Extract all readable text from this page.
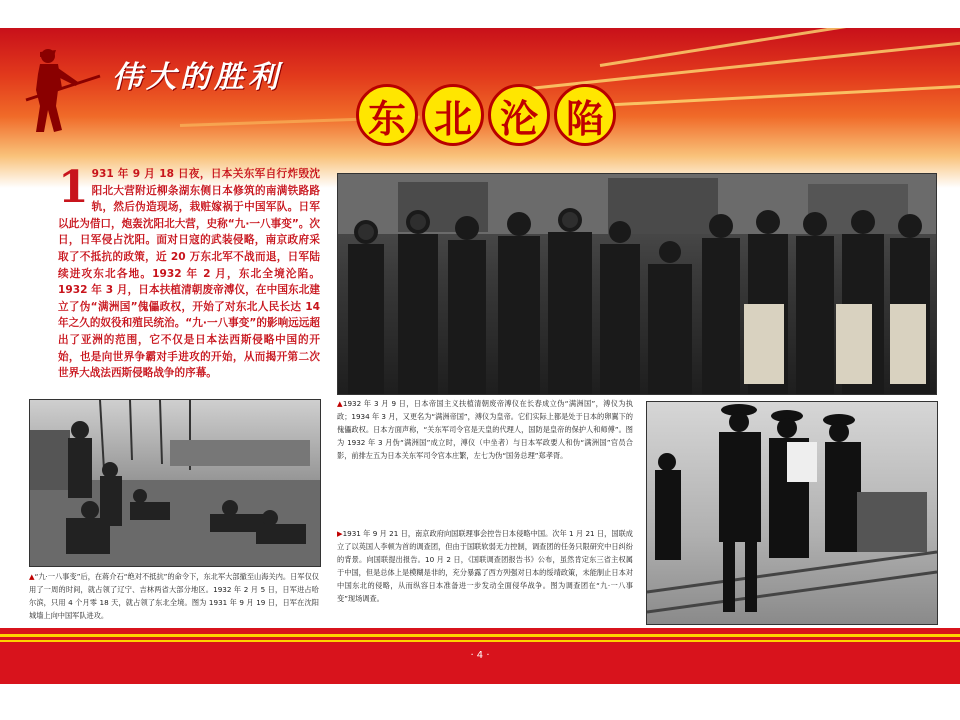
伟大的胜利
东 北 沦 陷
1 931 年 9 月 18 日夜，日本关东军自行炸毁沈阳北大营附近柳条湖东侧日本修筑的南满铁路路轨，然后伪造现场，栽赃嫁祸于中国军队。日军以此为借口，炮轰沈阳北大营，史称“九·一八事变”。次日，日军侵占沈阳。面对日寇的武装侵略，南京政府采取了不抵抗的政策，近 20 万东北军不战而退，日军陆续进攻东北各地。1932 年 2 月，东北全境沦陷。1932 年 3 月，日本扶植清朝废帝溥仪，在中国东北建立了伪“满洲国”傀儡政权，开始了对东北人民长达 14 年之久的奴役和殖民统治。“九·一八事变”的影响远远超出了亚洲的范围，它不仅是日本法西斯侵略中国的开始，也是向世界争霸对手进攻的开始，从而揭开第二次世界大战法西斯侵略战争的序幕。
▲“九·一八事变”后，在蒋介石“绝对不抵抗”的命令下，东北军大部撤至山海关内。日军仅仅用了一周的时间，就占领了辽宁、吉林两省大部分地区。1932 年 2 月 5 日，日军进占哈尔滨，只用 4 个月零 18 天，就占领了东北全境。图为 1931 年 9 月 19 日，日军在沈阳城墙上向中国军队进攻。
▲1932 年 3 月 9 日，日本帝国主义扶植清朝废帝溥仪在长春成立伪“满洲国”，溥仪为执政；1934 年 3 月，又更名为“满洲帝国”，溥仪为皇帝。它们实际上都是处于日本的卵翼下的傀儡政权。日本方面声称，“关东军司令官是天皇的代理人，国防是皇帝的保护人和师傅”。图为 1932 年 3 月伪“满洲国”成立时，溥仪（中坐者）与日本军政要人和伪“满洲国”官员合影，前排左五为日本关东军司令官本庄繁，左七为伪“国务总理”郑孝胥。
▶1931 年 9 月 21 日，南京政府向国联理事会控告日本侵略中国。次年 1 月 21 日，国联成立了以英国人李顿为首的调查团，但由于国联软弱无力控制，调查团的任务只限研究中日纠纷的背景。向国联提出报告。10 月 2 日，《国联调查团报告书》公布，虽然肯定东三省主权属于中国，但是总体上是模糊是非的，充分暴露了西方列强对日本的绥靖政策，未能制止日本对中国东北的侵略，从而纵容日本准备进一步发动全面侵华战争。图为调查团在“九·一八事变”现场调查。
· 4 ·
